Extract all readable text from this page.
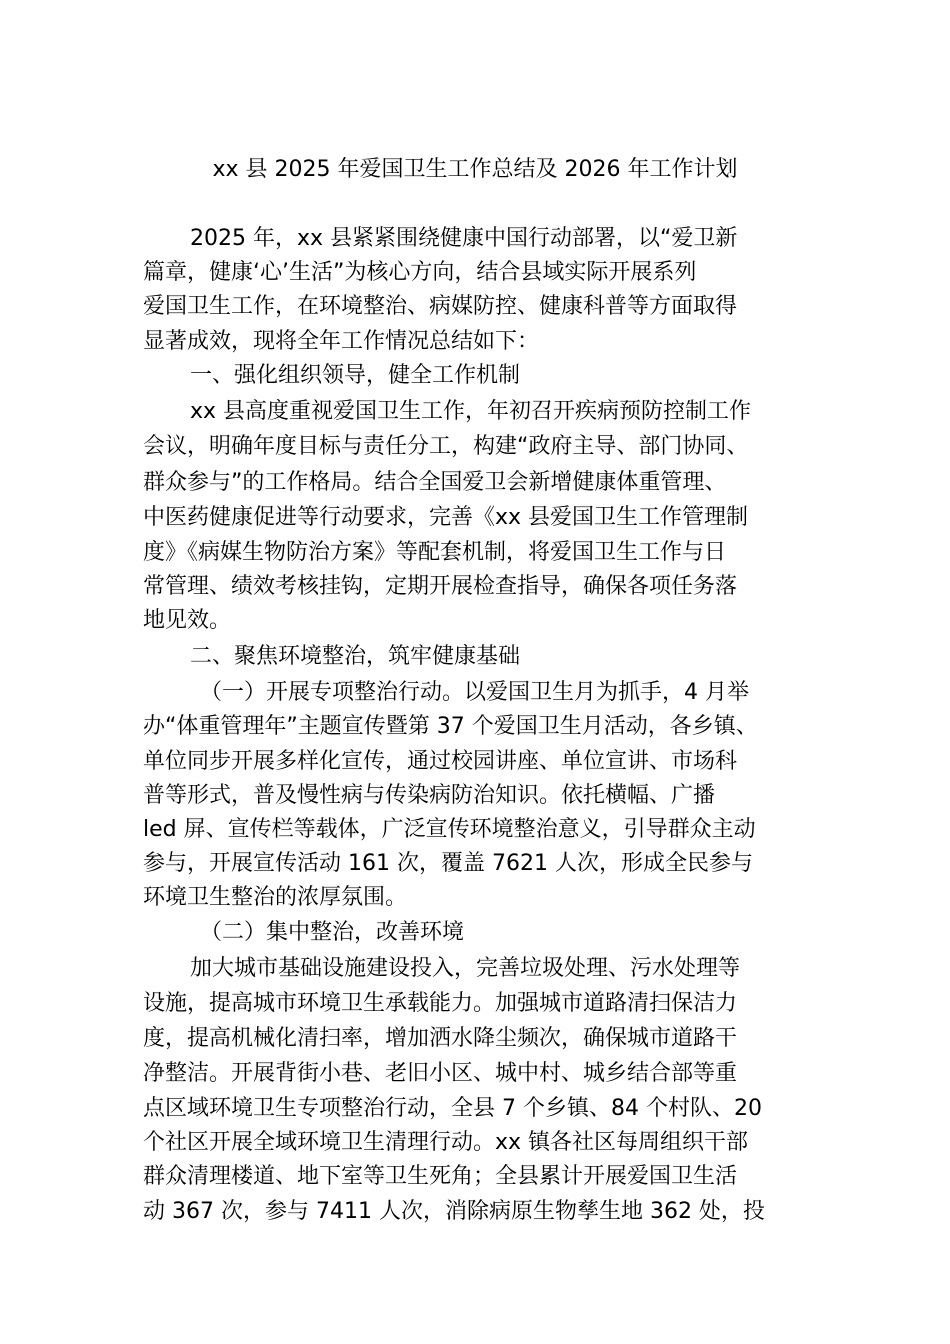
xx 县 2025 年爱国卫生工作总结及 2026 年工作计划
2025 年，xx 县紧紧围绕健康中国行动部署，以“爱卫新
篇章，健康‘心’生活”为核心方向，结合县域实际开展系列
爱国卫生工作，在环境整治、病媒防控、健康科普等方面取得
显著成效，现将全年工作情况总结如下：
一、强化组织领导，健全工作机制
xx 县高度重视爱国卫生工作，年初召开疾病预防控制工作
会议，明确年度目标与责任分工，构建“政府主导、部门协同、
群众参与”的工作格局。结合全国爱卫会新增健康体重管理、
中医药健康促进等行动要求，完善《xx 县爱国卫生工作管理制
度》《病媒生物防治方案》等配套机制，将爱国卫生工作与日
常管理、绩效考核挂钩，定期开展检查指导，确保各项任务落
地见效。
二、聚焦环境整治，筑牢健康基础
（一）开展专项整治行动。以爱国卫生月为抓手，4 月举
办“体重管理年”主题宣传暨第 37 个爱国卫生月活动，各乡镇、
单位同步开展多样化宣传，通过校园讲座、单位宣讲、市场科
普等形式，普及慢性病与传染病防治知识。依托横幅、广播
led 屏、宣传栏等载体，广泛宣传环境整治意义，引导群众主动
参与，开展宣传活动 161 次，覆盖 7621 人次，形成全民参与
环境卫生整治的浓厚氛围。
（二）集中整治，改善环境
加大城市基础设施建设投入，完善垃圾处理、污水处理等
设施，提高城市环境卫生承载能力。加强城市道路清扫保洁力
度，提高机械化清扫率，增加洒水降尘频次，确保城市道路干
净整洁。开展背街小巷、老旧小区、城中村、城乡结合部等重
点区域环境卫生专项整治行动，全县 7 个乡镇、84 个村队、20
个社区开展全域环境卫生清理行动。xx 镇各社区每周组织干部
群众清理楼道、地下室等卫生死角；全县累计开展爱国卫生活
动 367 次，参与 7411 人次，消除病原生物孳生地 362 处，投
